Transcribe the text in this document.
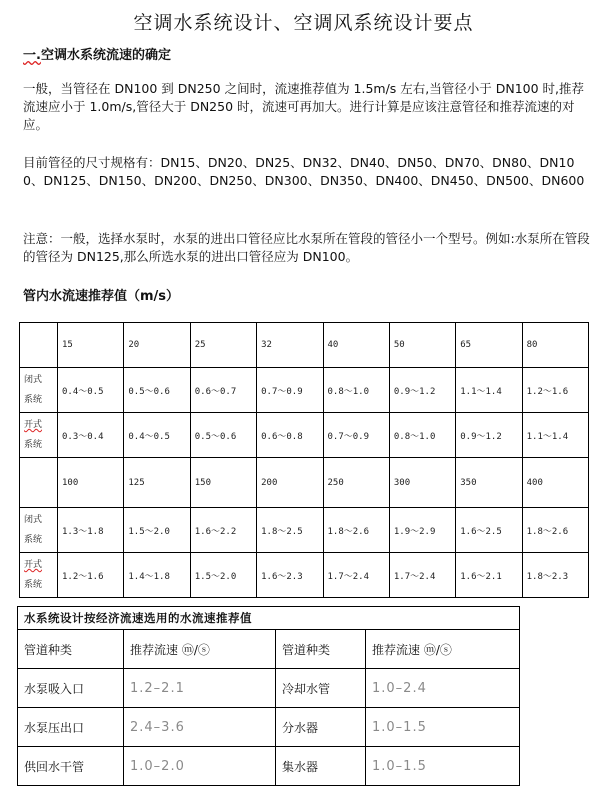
空调水系统设计、空调风系统设计要点
一.空调水系统流速的确定

一般，当管径在 DN100 到 DN250 之间时，流速推荐值为 1.5m/s 左右,当管径小于 DN100 时,推荐流速应小于 1.0m/s,管径大于 DN250 时，流速可再加大。进行计算是应该注意管径和推荐流速的对应。

目前管径的尺寸规格有：DN15、DN20、DN25、DN32、DN40、DN50、DN70、DN80、DN100、DN125、DN150、DN200、DN250、DN300、DN350、DN400、DN450、DN500、DN600

注意：一般，选择水泵时，水泵的进出口管径应比水泵所在管段的管径小一个型号。例如:水泵所在管段的管径为 DN125,那么所选水泵的进出口管径应为 DN100。

管内水流速推荐值（m/s）
	15	20	25	32	40	50	65	80
闭式
系统	0.4～0.5	0.5～0.6	0.6～0.7	0.7～0.9	0.8～1.0	0.9～1.2	1.1～1.4	1.2～1.6
开式
系统	0.3～0.4	0.4～0.5	0.5～0.6	0.6～0.8	0.7～0.9	0.8～1.0	0.9～1.2	1.1～1.4
	100	125	150	200	250	300	350	400
闭式
系统	1.3～1.8	1.5～2.0	1.6～2.2	1.8～2.5	1.8～2.6	1.9～2.9	1.6～2.5	1.8～2.6
开式
系统	1.2～1.6	1.4～1.8	1.5～2.0	1.6～2.3	1.7～2.4	1.7～2.4	1.6～2.1	1.8～2.3
水系统设计按经济流速选用的水流速推荐值			
管道种类	推荐流速 ⓜ/ⓢ	管道种类	推荐流速 ⓜ/ⓢ
水泵吸入口	1.2–2.1	冷却水管	1.0–2.4
水泵压出口	2.4–3.6	分水器	1.0–1.5
供回水干管	1.0–2.0	集水器	1.0–1.5
